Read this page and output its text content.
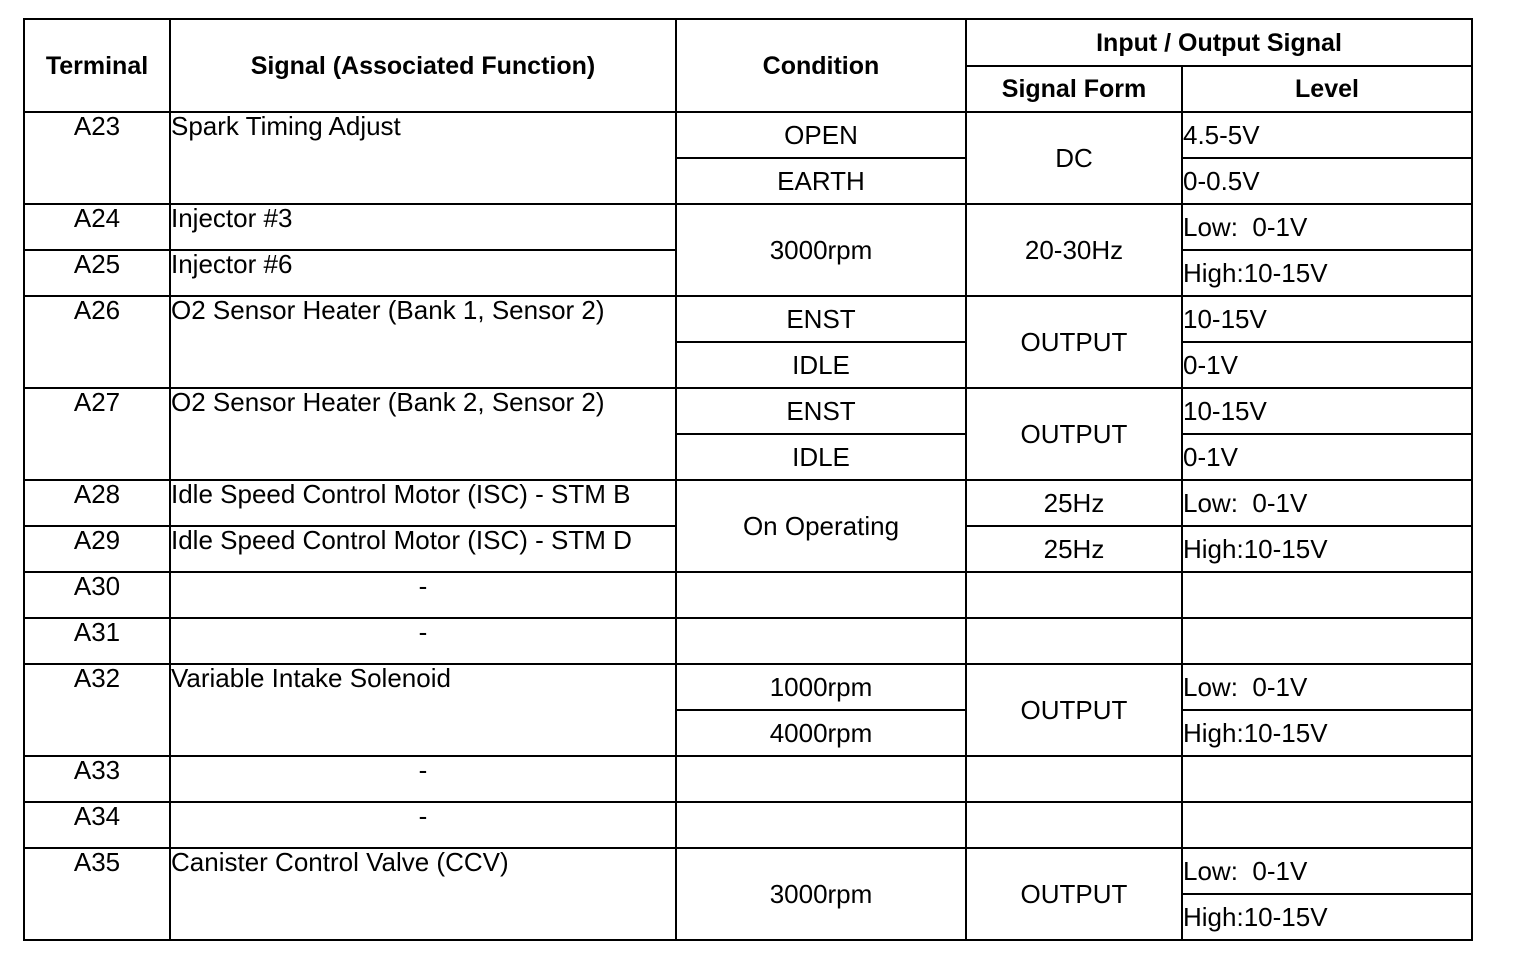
Terminal	Signal (Associated Function)	Condition	Input / Output Signal	
			Signal Form	Level
A23	Spark Timing Adjust	OPEN	DC	4.5-5V
		EARTH		0-0.5V
A24	Injector #3	3000rpm	20-30Hz	Low:  0-1V
A25	Injector #6			High:10-15V
A26	O2 Sensor Heater (Bank 1, Sensor 2)	ENST	OUTPUT	10-15V
		IDLE		0-1V
A27	O2 Sensor Heater (Bank 2, Sensor 2)	ENST	OUTPUT	10-15V
		IDLE		0-1V
A28	Idle Speed Control Motor (ISC) - STM B	On Operating	25Hz	Low:  0-1V
A29	Idle Speed Control Motor (ISC) - STM D		25Hz	High:10-15V
A30	-			
A31	-			
A32	Variable Intake Solenoid	1000rpm	OUTPUT	Low:  0-1V
		4000rpm		High:10-15V
A33	-			
A34	-			
A35	Canister Control Valve (CCV)	3000rpm	OUTPUT	Low:  0-1V
				High:10-15V
